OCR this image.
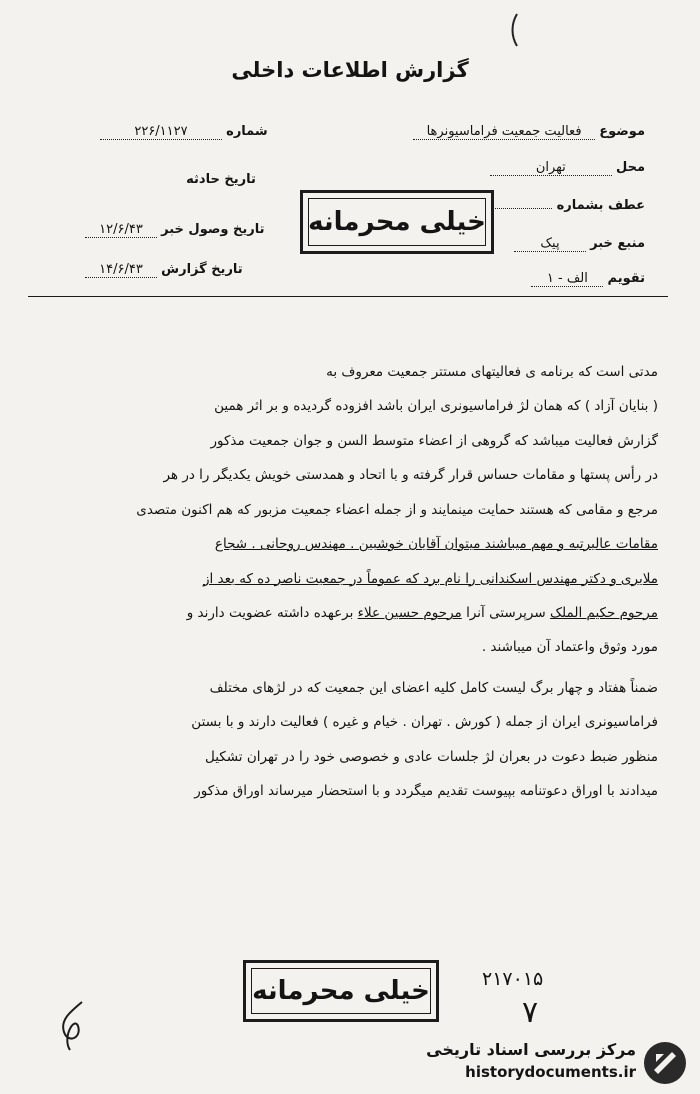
گزارش اطلاعات داخلی
موضوع فعالیت جمعیت فراماسیونرها
محل تهران
عطف بشماره
منبع خبر پیک
تقویم الف - ۱
شماره ۲۲۶/۱۱۲۷
تاریخ حادثه
تاریخ وصول خبر ۱۲/۶/۴۳
تاریخ گزارش ۱۴/۶/۴۳
خیلی محرمانه

مدتی است که برنامه ی فعالیتهای مستتر جمعیت معروف به
( بنایان آزاد ) که همان لژ فراماسیونری ایران باشد افزوده گردیده و بر اثر همین
گزارش فعالیت میباشد که گروهی از اعضاء متوسط السن و جوان جمعیت مذکور
در رأس پستها و مقامات حساس قرار گرفته و با اتحاد و همدستی خویش یکدیگر را در هر
مرجع و مقامی که هستند حمایت مینمایند و از جمله اعضاء جمعیت مزبور که هم اکنون متصدی
مقامات عالیرتبه و مهم میباشند میتوان آقایان خوشبین . مهندس روحانی . شجاع
ملایری و دکتر مهندس اسکندانی را نام برد که عموماً در جمعیت ناصر ده که بعد از
مرحوم حکیم الملک سرپرستی آنرا مرحوم حسین علاء برعهده داشته عضویت دارند و
مورد وثوق واعتماد آن میباشند .

ضمناً هفتاد و چهار برگ لیست کامل کلیه اعضای این جمعیت که در لژهای مختلف
فراماسیونری ایران از جمله ( کورش . تهران . خیام و غیره ) فعالیت دارند و با بستن
منظور ضبط دعوت در بعران لژ جلسات عادی و خصوصی خود را در تهران تشکیل
میدادند با اوراق دعوتنامه بپیوست تقدیم میگردد و با استحضار میرساند اوراق مذکور

خیلی محرمانه	۲۱۷۰۱۵
۷
مرکز بررسی اسناد تاریخی
historydocuments.ir
